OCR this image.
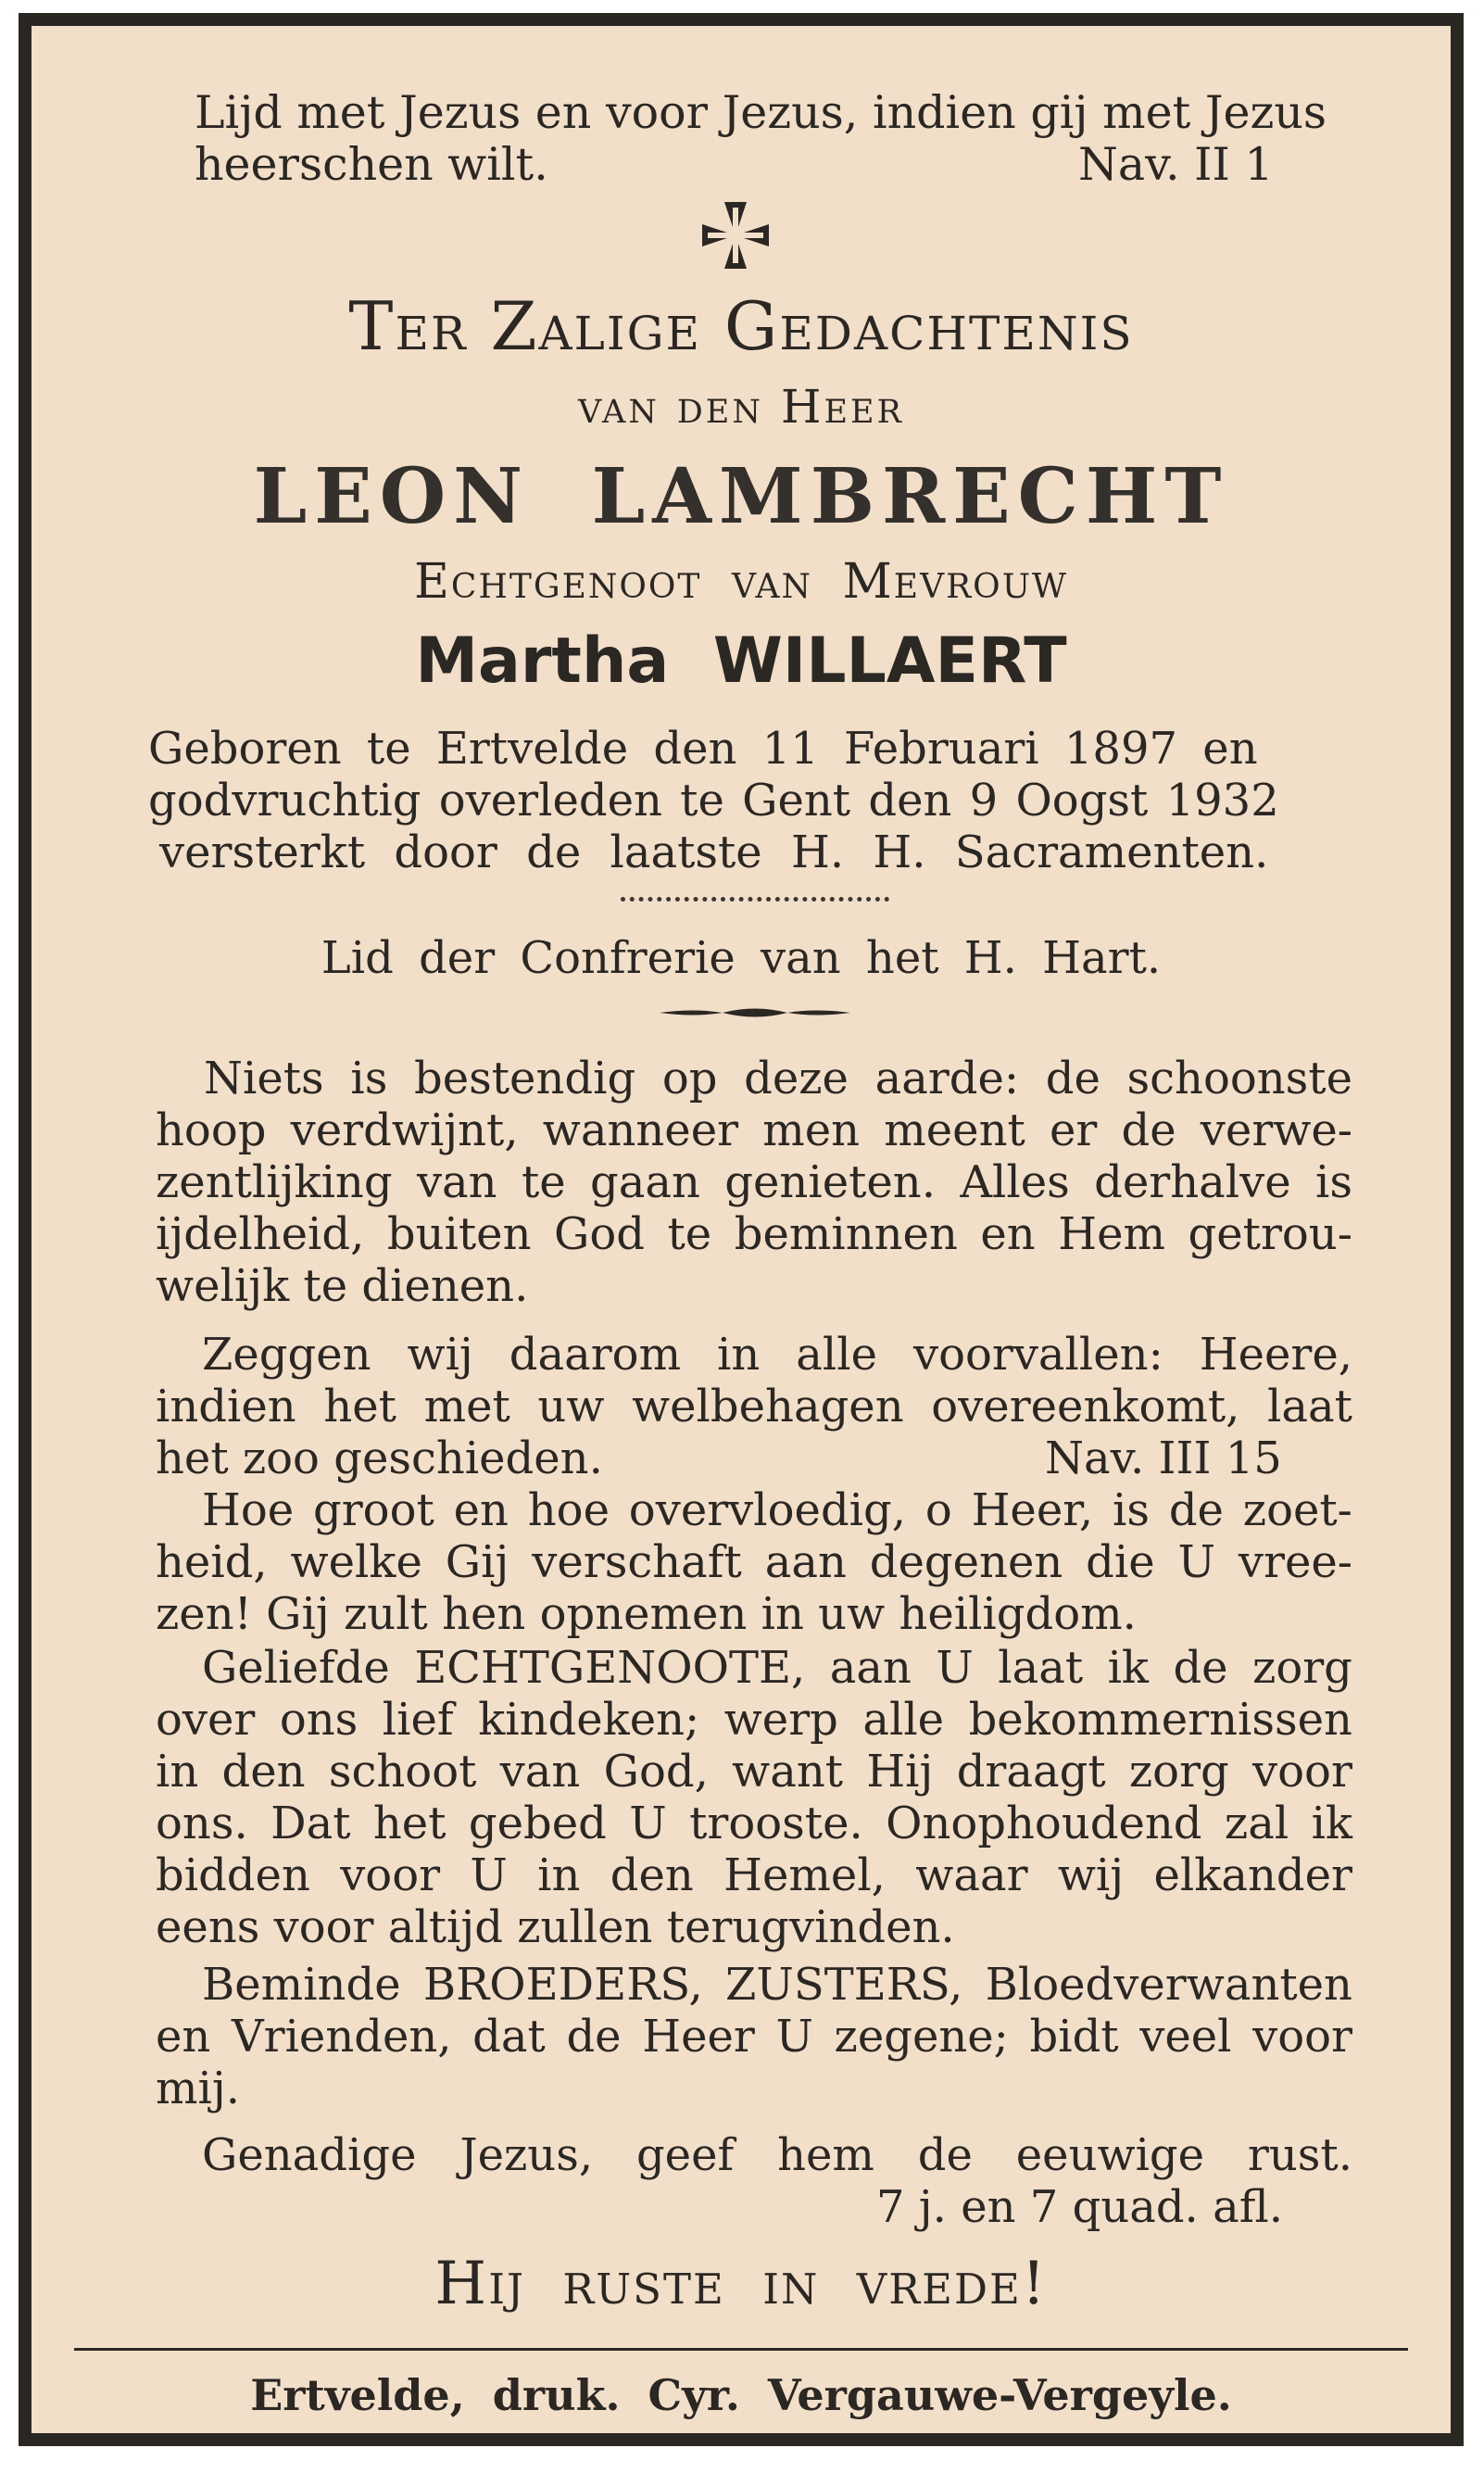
Lijd met Jezus en voor Jezus, indien gij met Jezus
heerschen wilt.	Nav. II 1
Ter Zalige Gedachtenis
van den Heer
LEON LAMBRECHT
Echtgenoot van Mevrouw
Martha WILLAERT
Geboren te Ertvelde den 11 Februari 1897 en
godvruchtig overleden te Gent den 9 Oogst 1932
versterkt door de laatste H. H. Sacramenten.
Lid der Confrerie van het H. Hart.
Niets is bestendig op deze aarde: de schoonste
hoop verdwijnt, wanneer men meent er de verwe-
zentlijking van te gaan genieten. Alles derhalve is
ijdelheid, buiten God te beminnen en Hem getrou-
welijk te dienen.
Zeggen wij daarom in alle voorvallen: Heere,
indien het met uw welbehagen overeenkomt, laat
het zoo geschieden.	Nav. III 15
Hoe groot en hoe overvloedig, o Heer, is de zoet-
heid, welke Gij verschaft aan degenen die U vree-
zen! Gij zult hen opnemen in uw heiligdom.
Geliefde ECHTGENOOTE, aan U laat ik de zorg
over ons lief kindeken; werp alle bekommernissen
in den schoot van God, want Hij draagt zorg voor
ons. Dat het gebed U trooste. Onophoudend zal ik
bidden voor U in den Hemel, waar wij elkander
eens voor altijd zullen terugvinden.
Beminde BROEDERS, ZUSTERS, Bloedverwanten
en Vrienden, dat de Heer U zegene; bidt veel voor
mij.
Genadige Jezus, geef hem de eeuwige rust.
7 j. en 7 quad. afl.
Hij ruste in vrede!
Ertvelde, druk. Cyr. Vergauwe-Vergeyle.
